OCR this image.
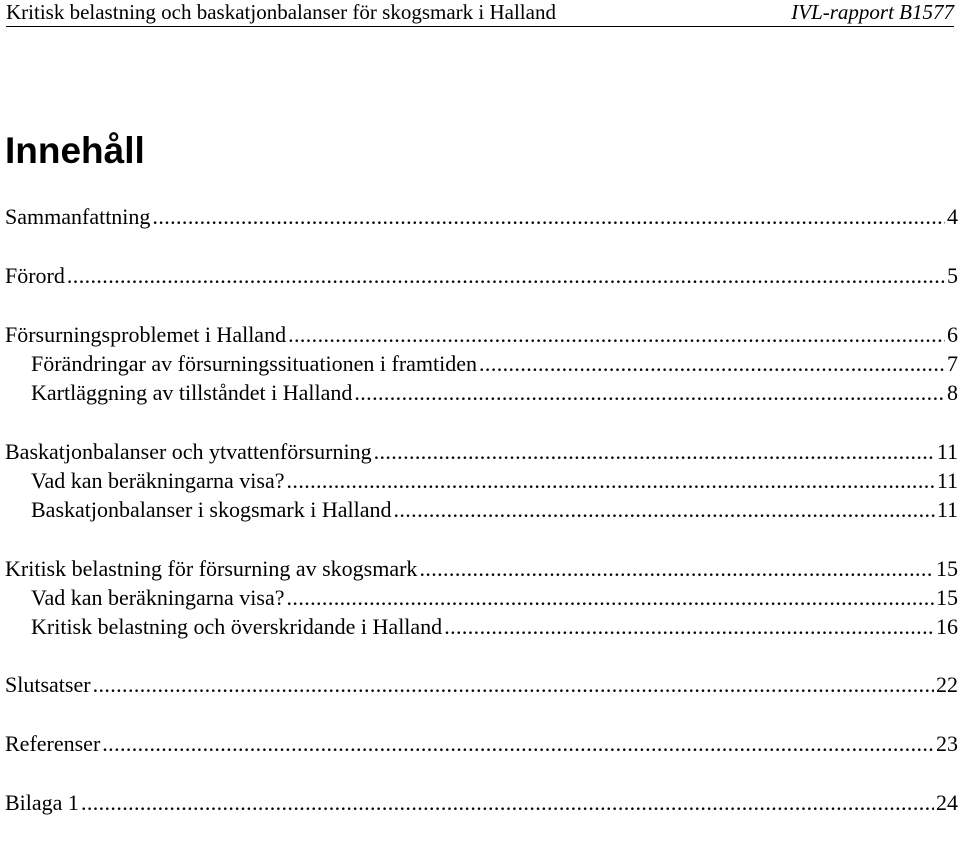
Kritisk belastning och baskatjonbalanser för skogsmark i Halland	IVL-rapport B1577
Innehåll
Sammanfattning .....	4
Förord .....	5
Försurningsproblemet i Halland .....	6
Förändringar av försurningssituationen i framtiden .....	7
Kartläggning av tillståndet i Halland .....	8
Baskatjonbalanser och ytvattenförsurning .....	11
Vad kan beräkningarna visa? .....	11
Baskatjonbalanser i skogsmark i Halland .....	11
Kritisk belastning för försurning av skogsmark .....	15
Vad kan beräkningarna visa? .....	15
Kritisk belastning och överskridande i Halland .....	16
Slutsatser .....	22
Referenser .....	23
Bilaga 1 .....	24
